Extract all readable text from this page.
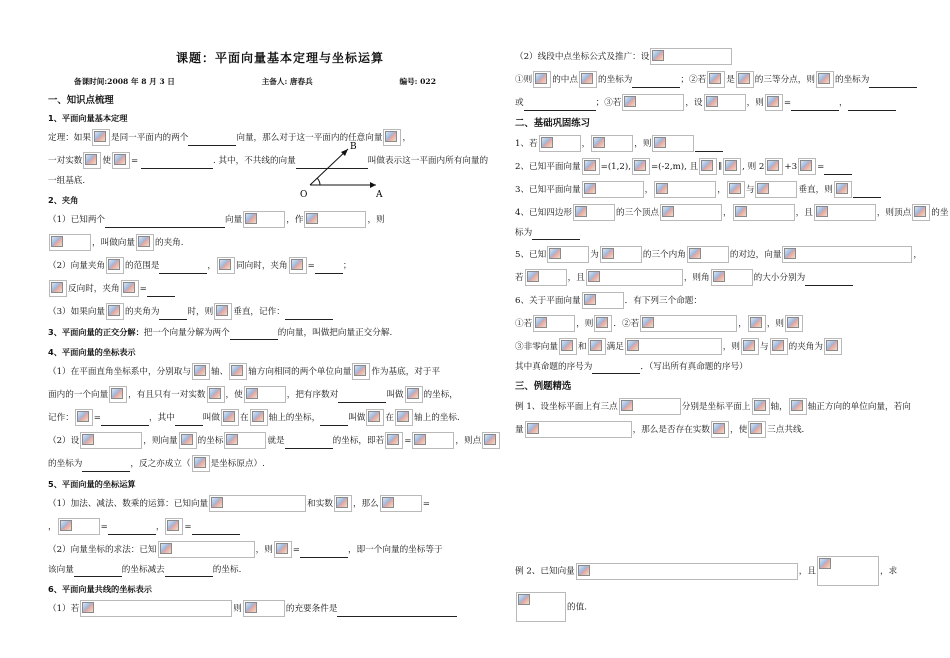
课题：平面向量基本定理与坐标运算
备课时间:2008 年 8 月 3 日	主备人: 唐春兵	编号: 022
一、知识点梳理
1、平面向量基本定理
定理：如果 是同一平面内的两个	向量，那么对于这一平面内的任意向量 ，
一对实数 使 =	. 其中，不共线的向量	叫做表示这一平面内所有向量的
一组基底.
2、夹角
（1）已知两个	向量	，作	，则
，叫做向量 的夹角.
（2）向量夹角 的范围是	， 同向时，夹角 =	；
反向时，夹角 =
（3）如果向量 的夹角为	时，则 垂直，记作：
3、平面向量的正交分解：把一个向量分解为两个	的向量，叫做把向量正交分解.
4、平面向量的坐标表示
（1）在平面直角坐标系中，分别取与 轴、 轴方向相同的两个单位向量 作为基底，对于平
面内的一个向量 ，有且只有一对实数 ，使	，把有序数对	叫做 的坐标，
记作： =	，其中	叫做 在 轴上的坐标，	叫做 在 轴上的坐标.
（2）设	，则向量 的坐标	就是	的坐标，即若 =	，则点
的坐标为	，反之亦成立（ 是坐标原点）.
5、平面向量的坐标运算
（1）加法、减法、数乘的运算：已知向量	和实数 ，那么	=
，	=	， =
（2）向量坐标的求法：已知	，则 =	，即一个向量的坐标等于
该向量	的坐标减去	的坐标.
6、平面向量共线的坐标表示
（1）若	则	的充要条件是
B
O	A
（2）线段中点坐标公式及推广：设
①则 的中点 的坐标为	；②若 是 的三等分点，则 的坐标为
或	；③若	，设	，则 =	，
二、基础巩固练习
1、若	，	，则
2、已知平面向量 =(1,2), =(-2,m), 且 ∥ , 则 2 +3 =
3、已知平面向量	，	， 与	垂直，则
4、已知四边形	的三个顶点	，	，且	，则顶点 的坐
标为
5、已知	为	的三个内角	的对边，向量	，
若	，且	，则角	的大小分别为
6、关于平面向量	．有下列三个命题：
①若	，则 ．②若	， ，则
③非零向量 和 满足	，则 与 的夹角为
其中真命题的序号为	．（写出所有真命题的序号）
三、例题精选
例 1、设坐标平面上有三点	分别是坐标平面上 轴， 轴正方向的单位向量，若向
量	，那么是否存在实数 ，使 三点共线.
例 2、已知向量	，且	，求
的值.
